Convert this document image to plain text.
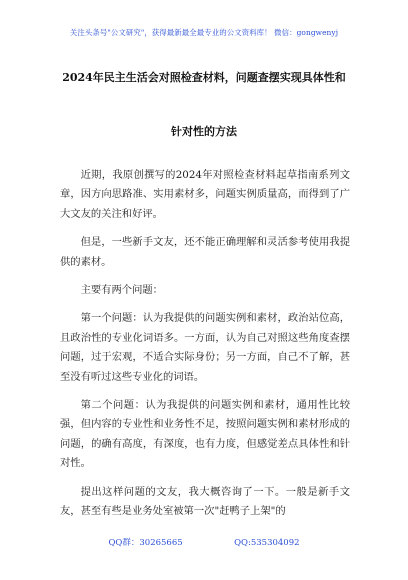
关注头条号"公文研究"，获得最新最全最专业的公文资料库！ 微信：gongwenyj
2024年民主生活会对照检查材料，问题查摆实现具体性和
针对性的方法

近期，我原创撰写的2024年对照检查材料起草指南系列文章，因方向思路准、实用素材多，问题实例质量高，而得到了广大文友的关注和好评。

但是，一些新手文友，还不能正确理解和灵活参考使用我提供的素材。

主要有两个问题：

第一个问题：认为我提供的问题实例和素材，政治站位高，且政治性的专业化词语多。一方面，认为自己对照这些角度查摆问题，过于宏观，不适合实际身份；另一方面，自己不了解，甚至没有听过这些专业化的词语。

第二个问题：认为我提供的问题实例和素材，通用性比较强，但内容的专业性和业务性不足，按照问题实例和素材形成的问题，的确有高度，有深度，也有力度，但感觉差点具体性和针对性。

提出这样问题的文友，我大概咨询了一下。一般是新手文友，甚至有些是业务处室被第一次"赶鸭子上架"的

QQ群：30265665	QQ:535304092
